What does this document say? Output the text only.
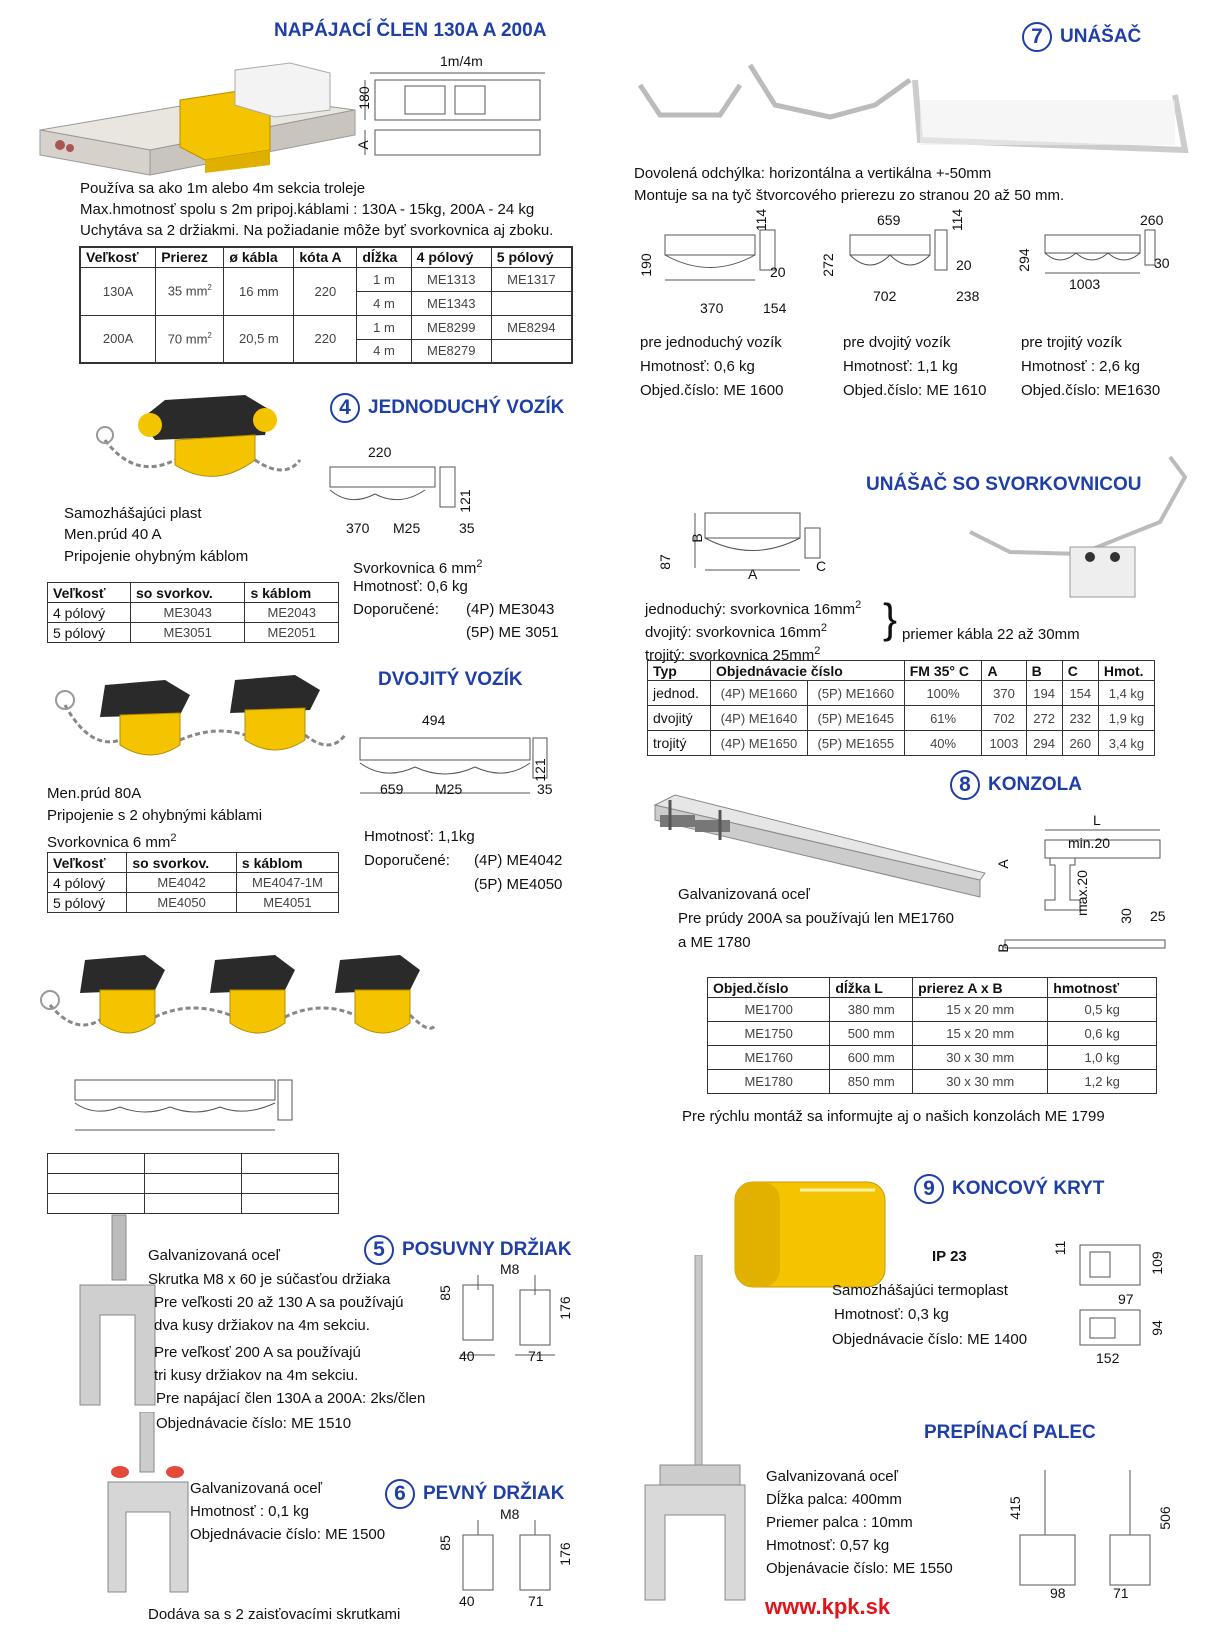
NAPÁJACÍ ČLEN 130A A 200A
1m/4m
180
A
Používa sa ako 1m alebo 4m sekcia troleje
Max.hmotnosť spolu s 2m pripoj.káblami : 130A - 15kg, 200A - 24 kg
Uchytáva sa 2 držiakmi. Na požiadanie môže byť svorkovnica aj zboku.
Veľkosť	Prierez	ø kábla	kóta A	dĺžka	4 pólový	5 pólový
130A	35 $mm^2$	16 mm	220	1 m	ME1313	ME1317
				4 m	ME1343	
200A	70 $mm^2$	20,5 m	220	1 m	ME8299	ME8294
				4 m	ME8279	
7 UNÁŠAČ
Dovolená odchýlka: horizontálna a vertikálna +-50mm
Montuje sa na tyč štvorcového prierezu zo stranou 20 až 50 mm.
190
114
20
370	154
659
272
114
20
702	238
294
260
30
1003
pre jednoduchý vozík
Hmotnosť: 0,6 kg
Objed.číslo: ME 1600
pre dvojitý vozík
Hmotnosť: 1,1 kg
Objed.číslo: ME 1610
pre trojitý vozík
Hmotnosť : 2,6 kg
Objed.číslo: ME1630
4 JEDNODUCHÝ VOZÍK
220
121
370 M25	35
Samozhášajúci plast
Men.prúd 40 A
Pripojenie ohybným káblom
Svorkovnica 6 $mm^2$
Hmotnosť: 0,6 kg
Doporučené: (4P) ME3043
(5P) ME 3051
Veľkosť	so svorkov.	s káblom
4 pólový	ME3043	ME2043
5 pólový	ME3051	ME2051
UNÁŠAČ SO SVORKOVNICOU
87
B
A	C
jednoduchý: svorkovnica $16mm^2$
dvojitý: svorkovnica $16mm^2$
trojitý: svorkovnica $25mm^2$
} priemer kábla 22 až 30mm
Typ	Objednávacie číslo		FM 35° C	A	B	C	Hmot.
jednod.	(4P) ME1660	(5P) ME1660	100%	370	194	154	1,4 kg
dvojitý	(4P) ME1640	(5P) ME1645	61%	702	272	232	1,9 kg
trojitý	(4P) ME1650	(5P) ME1655	40%	1003	294	260	3,4 kg
DVOJITÝ VOZÍK
494
121
659 M25	35
Men.prúd 80A
Pripojenie s 2 ohybnými káblami
Svorkovnica 6 $mm^2$	Hmotnosť: 1,1kg
Doporučené: (4P) ME4042
(5P) ME4050
Veľkosť	so svorkov.	s káblom
4 pólový	ME4042	ME4047-1M
5 pólový	ME4050	ME4051
8 KONZOLA
L
min.20
A
max.20
30 25
B
Galvanizovaná oceľ
Pre prúdy 200A sa používajú len ME1760
a ME 1780
Objed.číslo	dĺžka L	prierez A x B	hmotnosť
ME1700	380 mm	15 x 20 mm	0,5 kg
ME1750	500 mm	15 x 20 mm	0,6 kg
ME1760	600 mm	30 x 30 mm	1,0 kg
ME1780	850 mm	30 x 30 mm	1,2 kg
Pre rýchlu montáž sa informujte aj o našich konzolách ME 1799

9 KONCOVÝ KRYT
IP 23
Samozhášajúci termoplast
Hmotnosť: 0,3 kg
Objednávacie číslo: ME 1400
11
109
97
94
152
5 POSUVNY DRŽIAK
Galvanizovaná oceľ
Skrutka M8 x 60 je súčasťou držiaka
Pre veľkosti 20 až 130 A sa používajú
dva kusy držiakov na 4m sekciu.
Pre veľkosť 200 A sa používajú
tri kusy držiakov na 4m sekciu.
Pre napájací člen 130A a 200A: 2ks/člen
Objednávacie číslo: ME 1510
M8
85
176
40	71
PREPÍNACÍ PALEC
Galvanizovaná oceľ
Dĺžka palca: 400mm
Priemer palca : 10mm
Hmotnosť: 0,57 kg
Objenávacie číslo: ME 1550
415	506
98	71
6 PEVNÝ DRŽIAK
Galvanizovaná oceľ
Hmotnosť : 0,1 kg
Objednávacie číslo: ME 1500
M8
85	176
40	71
Dodáva sa s 2 zaisťovacími skrutkami	www.kpk.sk
